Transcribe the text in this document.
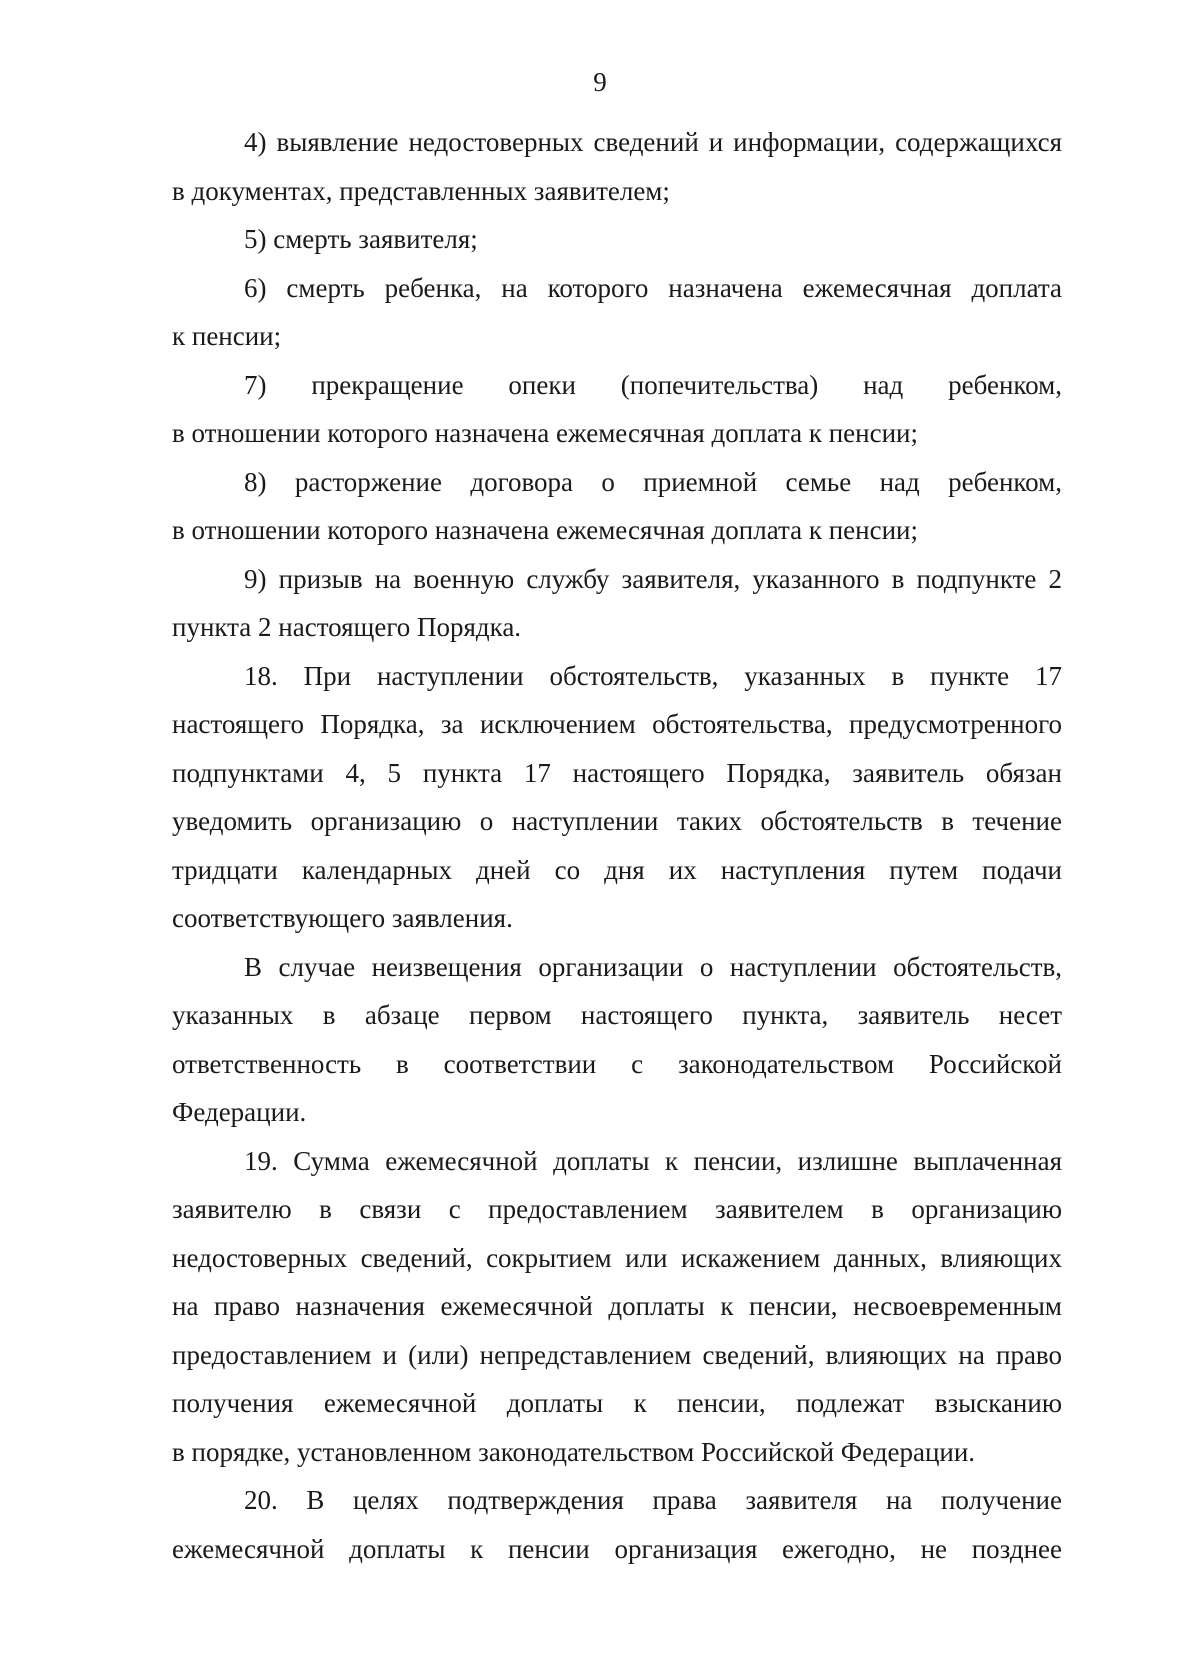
9
4) выявление недостоверных сведений и информации, содержащихся
в документах, представленных заявителем;
5) смерть заявителя;
6) смерть ребенка, на которого назначена ежемесячная доплата
к пенсии;
7) прекращение опеки (попечительства) над ребенком,
в отношении которого назначена ежемесячная доплата к пенсии;
8) расторжение договора о приемной семье над ребенком,
в отношении которого назначена ежемесячная доплата к пенсии;
9) призыв на военную службу заявителя, указанного в подпункте 2
пункта 2 настоящего Порядка.
18. При наступлении обстоятельств, указанных в пункте 17
настоящего Порядка, за исключением обстоятельства, предусмотренного
подпунктами 4, 5 пункта 17 настоящего Порядка, заявитель обязан
уведомить организацию о наступлении таких обстоятельств в течение
тридцати календарных дней со дня их наступления путем подачи
соответствующего заявления.
В случае неизвещения организации о наступлении обстоятельств,
указанных в абзаце первом настоящего пункта, заявитель несет
ответственность в соответствии с законодательством Российской
Федерации.
19. Сумма ежемесячной доплаты к пенсии, излишне выплаченная
заявителю в связи с предоставлением заявителем в организацию
недостоверных сведений, сокрытием или искажением данных, влияющих
на право назначения ежемесячной доплаты к пенсии, несвоевременным
предоставлением и (или) непредставлением сведений, влияющих на право
получения ежемесячной доплаты к пенсии, подлежат взысканию
в порядке, установленном законодательством Российской Федерации.
20. В целях подтверждения права заявителя на получение
ежемесячной доплаты к пенсии организация ежегодно, не позднее
